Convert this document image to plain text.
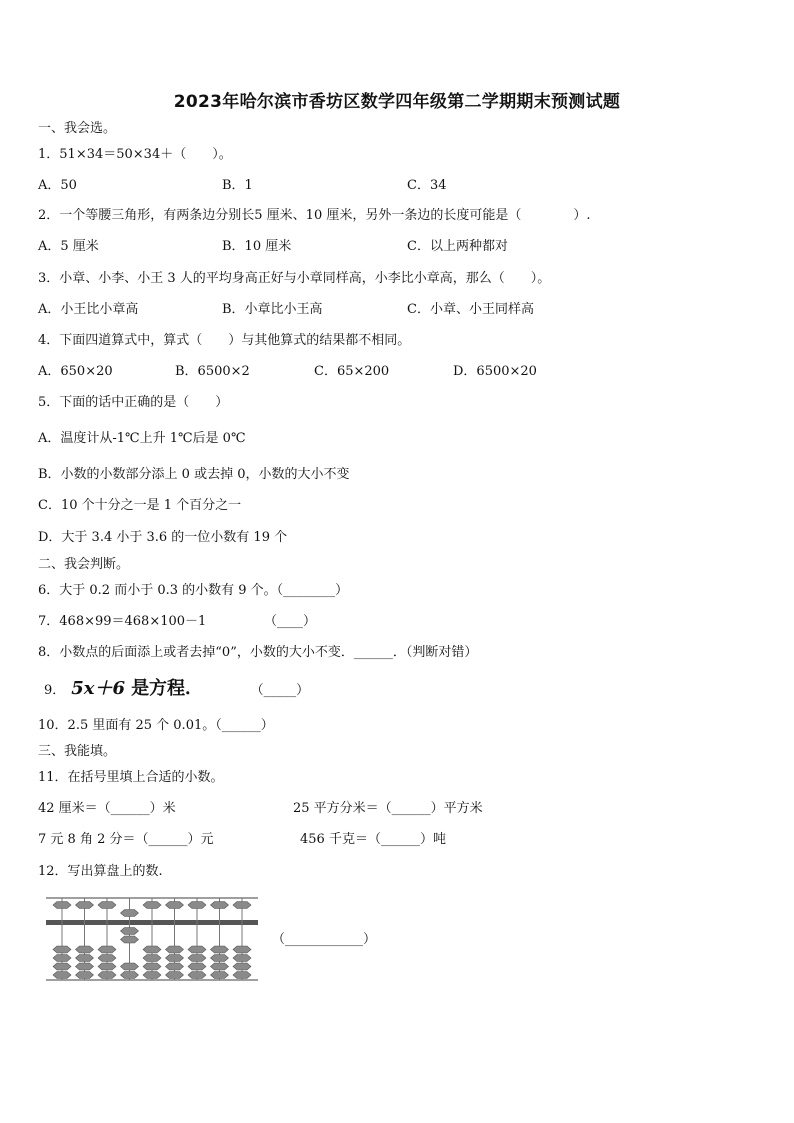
2023年哈尔滨市香坊区数学四年级第二学期期末预测试题
一、我会选。
1．51×34＝50×34＋（　　）。
A．50	B．1	C．34
2．一个等腰三角形，有两条边分别长5 厘米、10 厘米，另外一条边的长度可能是（　　　　）.
A．5 厘米	B．10 厘米	C．以上两种都对
3．小章、小李、小王 3 人的平均身高正好与小章同样高，小李比小章高，那么（　　）。
A．小王比小章高	B．小章比小王高	C．小章、小王同样高
4．下面四道算式中，算式（　　）与其他算式的结果都不相同。
A．650×20	B．6500×2	C．65×200	D．6500×20
5．下面的话中正确的是（　　）
A．温度计从-1℃上升 1℃后是 0℃
B．小数的小数部分添上 0 或去掉 0，小数的大小不变
C．10 个十分之一是 1 个百分之一
D．大于 3.4 小于 3.6 的一位小数有 19 个
二、我会判断。
6．大于 0.2 而小于 0.3 的小数有 9 个。（________）
7．468×99＝468×100－1	（____）
8．小数点的后面添上或者去掉“0”，小数的大小不变．______．（判断对错）
9． 5x＋6 是方程．	（_____）
10．2.5 里面有 25 个 0.01。（______）
三、我能填。
11．在括号里填上合适的小数。
42 厘米＝（______）米	25 平方分米＝（______）平方米
7 元 8 角 2 分＝（______）元	456 千克＝（______）吨
12．写出算盘上的数.
（____________）
